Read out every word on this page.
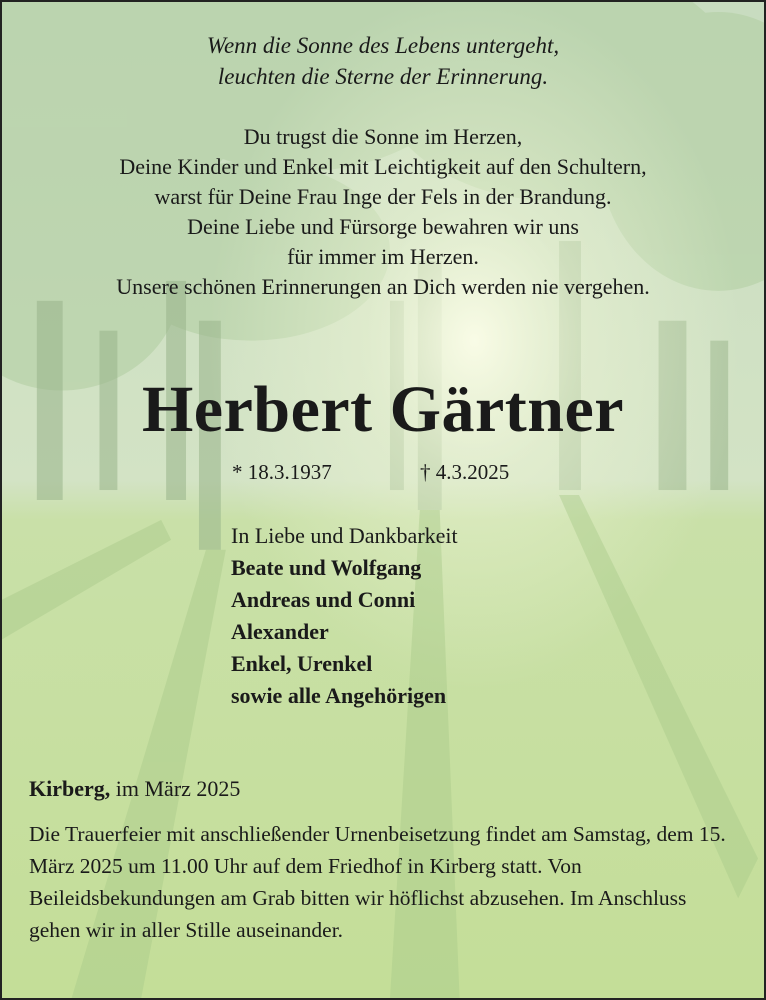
Wenn die Sonne des Lebens untergeht,
leuchten die Sterne der Erinnerung.
Du trugst die Sonne im Herzen,
Deine Kinder und Enkel mit Leichtigkeit auf den Schultern,
warst für Deine Frau Inge der Fels in der Brandung.
Deine Liebe und Fürsorge bewahren wir uns
für immer im Herzen.
Unsere schönen Erinnerungen an Dich werden nie vergehen.
Herbert Gärtner
* 18.3.1937	† 4.3.2025
In Liebe und Dankbarkeit
Beate und Wolfgang
Andreas und Conni
Alexander
Enkel, Urenkel
sowie alle Angehörigen
Kirberg, im März 2025
Die Trauerfeier mit anschließender Urnenbeisetzung findet am Samstag, dem 15. März 2025 um 11.00 Uhr auf dem Friedhof in Kirberg statt. Von Beileidsbekundungen am Grab bitten wir höflichst abzusehen. Im Anschluss gehen wir in aller Stille auseinander.
